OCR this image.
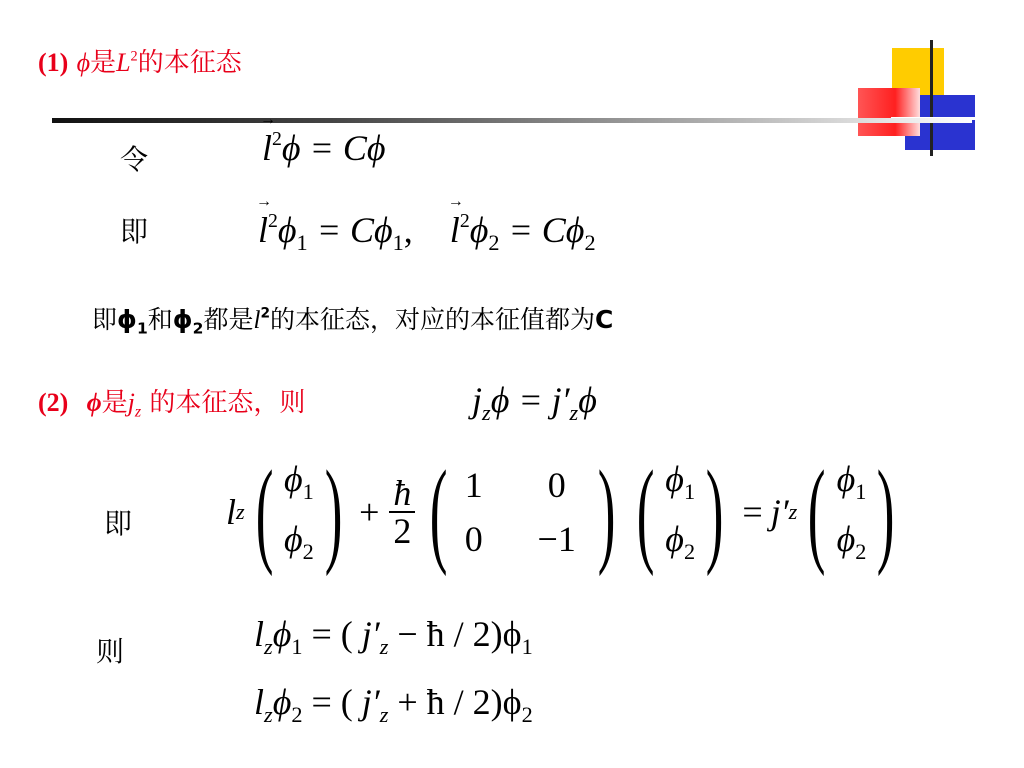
(1) ϕ是$L^2$的本征态
令	l
→
$^2$ϕ = Cϕ
即	l
→
$^2\phi_1 = C\phi_1$, l
→
$^2\phi_2 = C\phi_2$
即$\phi_1$和$\phi_2$都是$l^2$的本征态，对应的本征值都为C
(2) ϕ是$j_z$ 的本征态，则	$j_z\phi = j'_z\phi$
即	l z ( $\phi_1$
$\phi_2$ ) + $\frac{ħ}{2}$ ( 1	0
0	−1 ) ( $\phi_1$
$\phi_2$ ) = j′ z ( $\phi_1$
$\phi_2$ )
则	$l_z\phi_1$ = ( $j'_z$ − ħ / $2)\phi_1$
$l_z\phi_2$ = ( $j'_z$ + ħ / $2)\phi_2$
